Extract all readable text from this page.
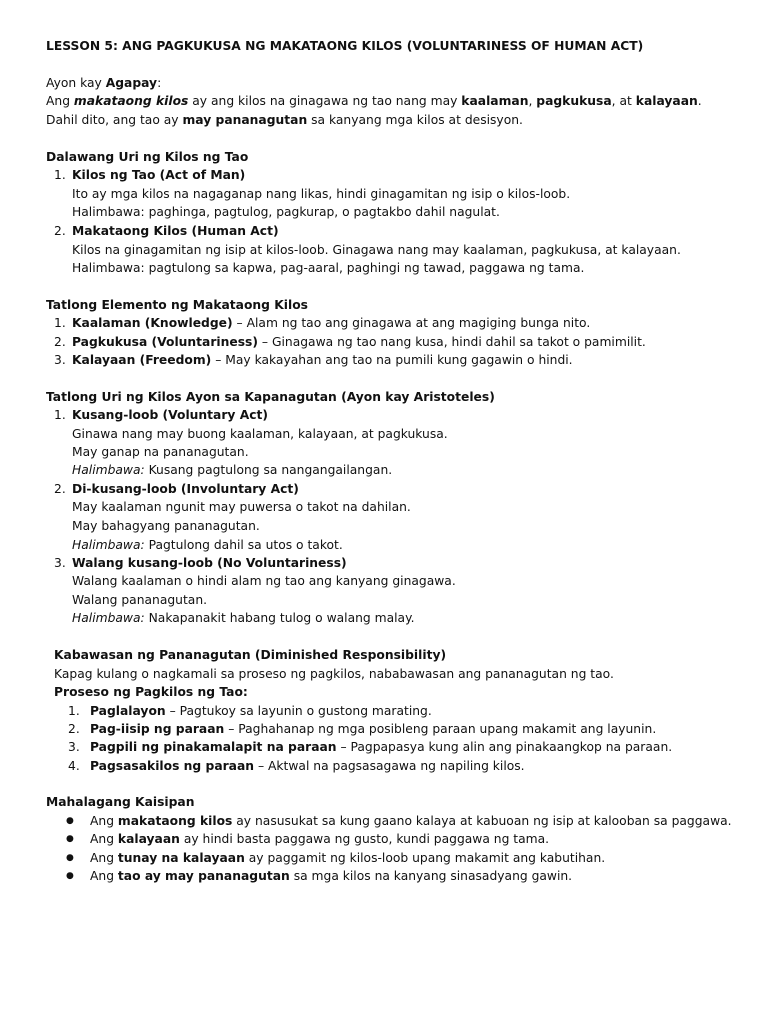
LESSON 5: ANG PAGKUKUSA NG MAKATAONG KILOS (VOLUNTARINESS OF HUMAN ACT)
Ayon kay Agapay:
Ang makataong kilos ay ang kilos na ginagawa ng tao nang may kaalaman, pagkukusa, at kalayaan.
Dahil dito, ang tao ay may pananagutan sa kanyang mga kilos at desisyon.
Dalawang Uri ng Kilos ng Tao
1. Kilos ng Tao (Act of Man)
Ito ay mga kilos na nagaganap nang likas, hindi ginagamitan ng isip o kilos-loob.
Halimbawa: paghinga, pagtulog, pagkurap, o pagtakbo dahil nagulat.
2. Makataong Kilos (Human Act)
Kilos na ginagamitan ng isip at kilos-loob. Ginagawa nang may kaalaman, pagkukusa, at kalayaan.
Halimbawa: pagtulong sa kapwa, pag-aaral, paghingi ng tawad, paggawa ng tama.
Tatlong Elemento ng Makataong Kilos
1. Kaalaman (Knowledge) – Alam ng tao ang ginagawa at ang magiging bunga nito.
2. Pagkukusa (Voluntariness) – Ginagawa ng tao nang kusa, hindi dahil sa takot o pamimilit.
3. Kalayaan (Freedom) – May kakayahan ang tao na pumili kung gagawin o hindi.
Tatlong Uri ng Kilos Ayon sa Kapanagutan (Ayon kay Aristoteles)
1. Kusang-loob (Voluntary Act)
Ginawa nang may buong kaalaman, kalayaan, at pagkukusa.
May ganap na pananagutan.
Halimbawa: Kusang pagtulong sa nangangailangan.
2. Di-kusang-loob (Involuntary Act)
May kaalaman ngunit may puwersa o takot na dahilan.
May bahagyang pananagutan.
Halimbawa: Pagtulong dahil sa utos o takot.
3. Walang kusang-loob (No Voluntariness)
Walang kaalaman o hindi alam ng tao ang kanyang ginagawa.
Walang pananagutan.
Halimbawa: Nakapanakit habang tulog o walang malay.
Kabawasan ng Pananagutan (Diminished Responsibility)
Kapag kulang o nagkamali sa proseso ng pagkilos, nababawasan ang pananagutan ng tao.
Proseso ng Pagkilos ng Tao:
1. Paglalayon – Pagtukoy sa layunin o gustong marating.
2. Pag-iisip ng paraan – Paghahanap ng mga posibleng paraan upang makamit ang layunin.
3. Pagpili ng pinakamalapit na paraan – Pagpapasya kung alin ang pinakaangkop na paraan.
4. Pagsasakilos ng paraan – Aktwal na pagsasagawa ng napiling kilos.
Mahalagang Kaisipan
● Ang makataong kilos ay nasusukat sa kung gaano kalaya at kabuoan ng isip at kalooban sa paggawa.
● Ang kalayaan ay hindi basta paggawa ng gusto, kundi paggawa ng tama.
● Ang tunay na kalayaan ay paggamit ng kilos-loob upang makamit ang kabutihan.
● Ang tao ay may pananagutan sa mga kilos na kanyang sinasadyang gawin.
